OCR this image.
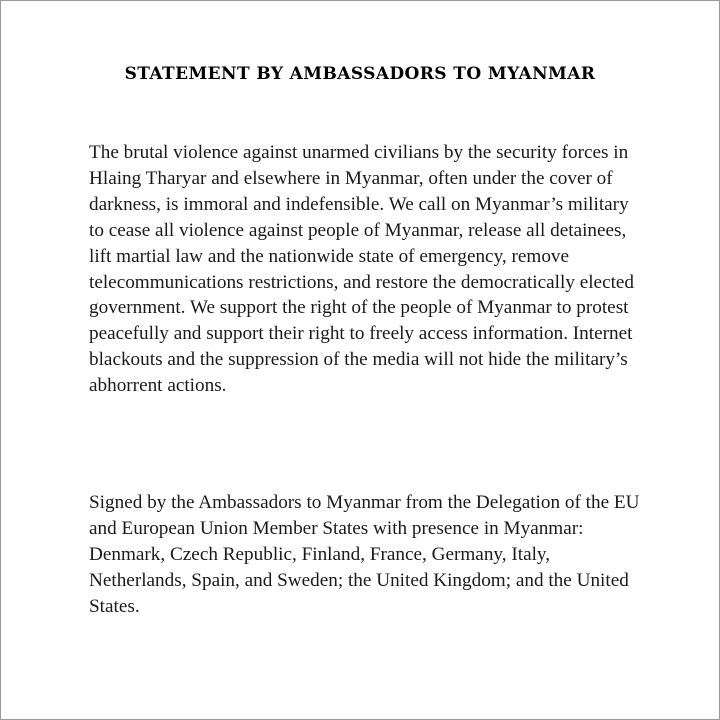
STATEMENT BY AMBASSADORS TO MYANMAR

The brutal violence against unarmed civilians by the security forces in Hlaing Tharyar and elsewhere in Myanmar, often under the cover of darkness, is immoral and indefensible. We call on Myanmar’s military to cease all violence against people of Myanmar, release all detainees, lift martial law and the nationwide state of emergency, remove telecommunications restrictions, and restore the democratically elected government. We support the right of the people of Myanmar to protest peacefully and support their right to freely access information. Internet blackouts and the suppression of the media will not hide the military’s abhorrent actions.

Signed by the Ambassadors to Myanmar from the Delegation of the EU and European Union Member States with presence in Myanmar: Denmark, Czech Republic, Finland, France, Germany, Italy, Netherlands, Spain, and Sweden; the United Kingdom; and the United States.
